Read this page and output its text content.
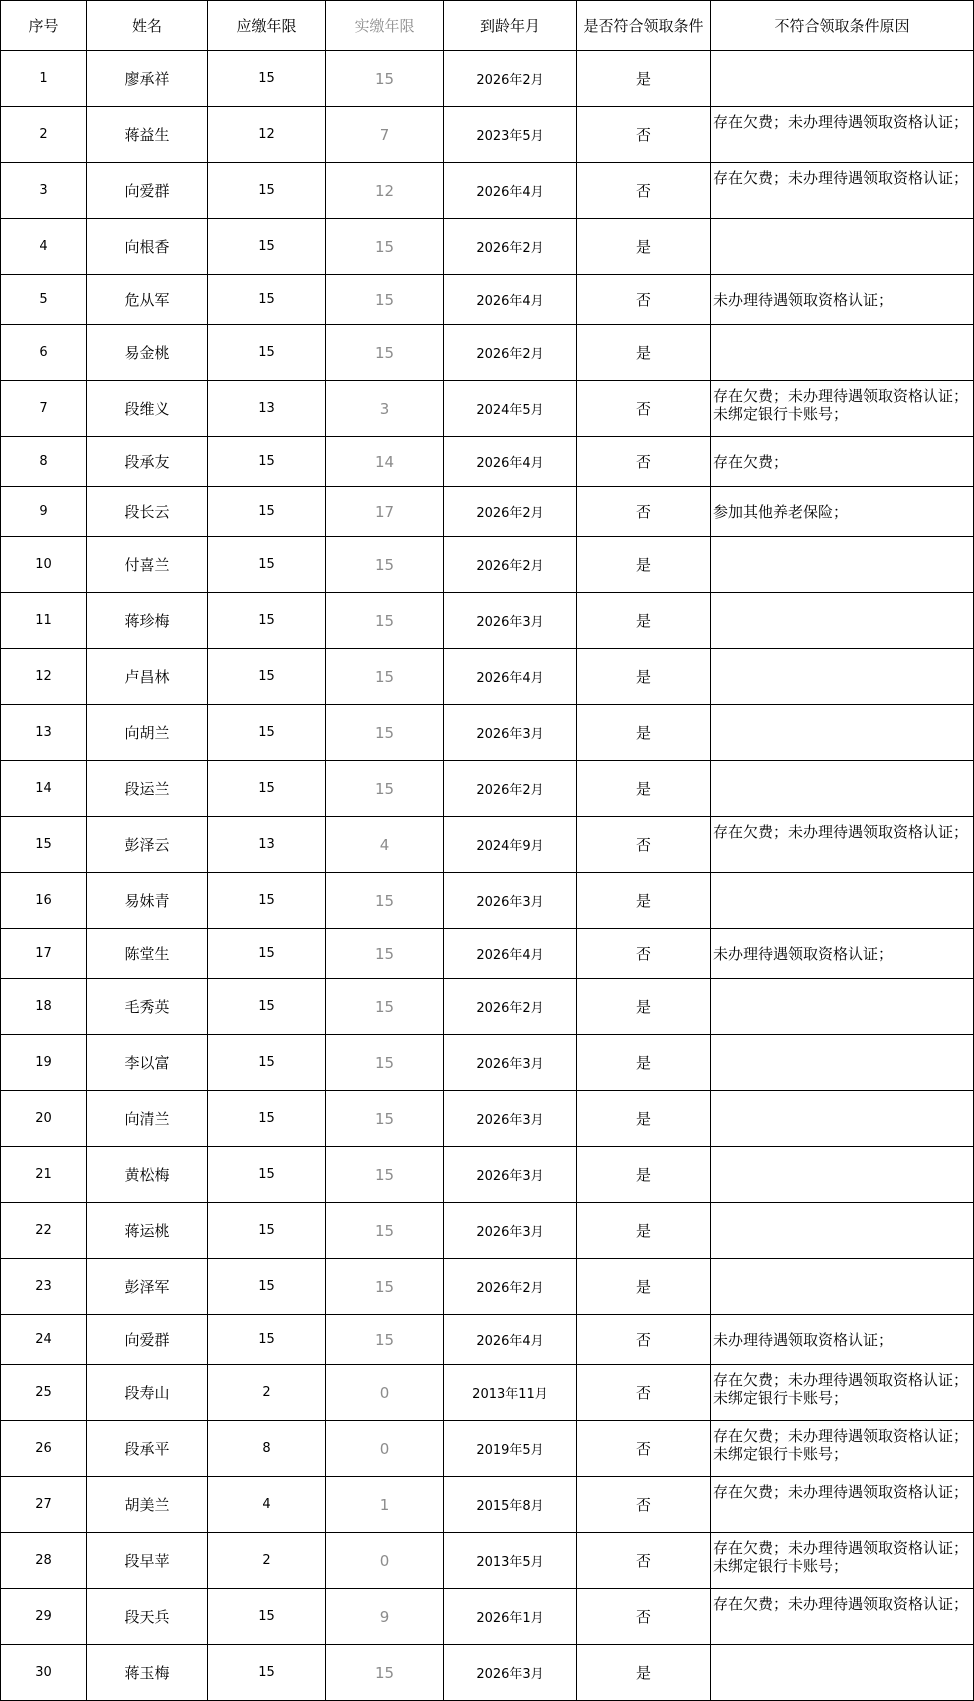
序号	姓名	应缴年限	实缴年限	到龄年月	是否符合领取条件	不符合领取条件原因
1	廖承祥	15	15	2026年2月	是	
2	蒋益生	12	7	2023年5月	否	存在欠费；未办理待遇领取资格认证；
3	向爱群	15	12	2026年4月	否	存在欠费；未办理待遇领取资格认证；
4	向根香	15	15	2026年2月	是	
5	危从军	15	15	2026年4月	否	未办理待遇领取资格认证；
6	易金桃	15	15	2026年2月	是	
7	段维义	13	3	2024年5月	否	存在欠费；未办理待遇领取资格认证；未绑定银行卡账号；
8	段承友	15	14	2026年4月	否	存在欠费；
9	段长云	15	17	2026年2月	否	参加其他养老保险；
10	付喜兰	15	15	2026年2月	是	
11	蒋珍梅	15	15	2026年3月	是	
12	卢昌林	15	15	2026年4月	是	
13	向胡兰	15	15	2026年3月	是	
14	段运兰	15	15	2026年2月	是	
15	彭泽云	13	4	2024年9月	否	存在欠费；未办理待遇领取资格认证；
16	易妹青	15	15	2026年3月	是	
17	陈堂生	15	15	2026年4月	否	未办理待遇领取资格认证；
18	毛秀英	15	15	2026年2月	是	
19	李以富	15	15	2026年3月	是	
20	向清兰	15	15	2026年3月	是	
21	黄松梅	15	15	2026年3月	是	
22	蒋运桃	15	15	2026年3月	是	
23	彭泽军	15	15	2026年2月	是	
24	向爱群	15	15	2026年4月	否	未办理待遇领取资格认证；
25	段寿山	2	0	2013年11月	否	存在欠费；未办理待遇领取资格认证；未绑定银行卡账号；
26	段承平	8	0	2019年5月	否	存在欠费；未办理待遇领取资格认证；未绑定银行卡账号；
27	胡美兰	4	1	2015年8月	否	存在欠费；未办理待遇领取资格认证；
28	段早苹	2	0	2013年5月	否	存在欠费；未办理待遇领取资格认证；未绑定银行卡账号；
29	段天兵	15	9	2026年1月	否	存在欠费；未办理待遇领取资格认证；
30	蒋玉梅	15	15	2026年3月	是	
